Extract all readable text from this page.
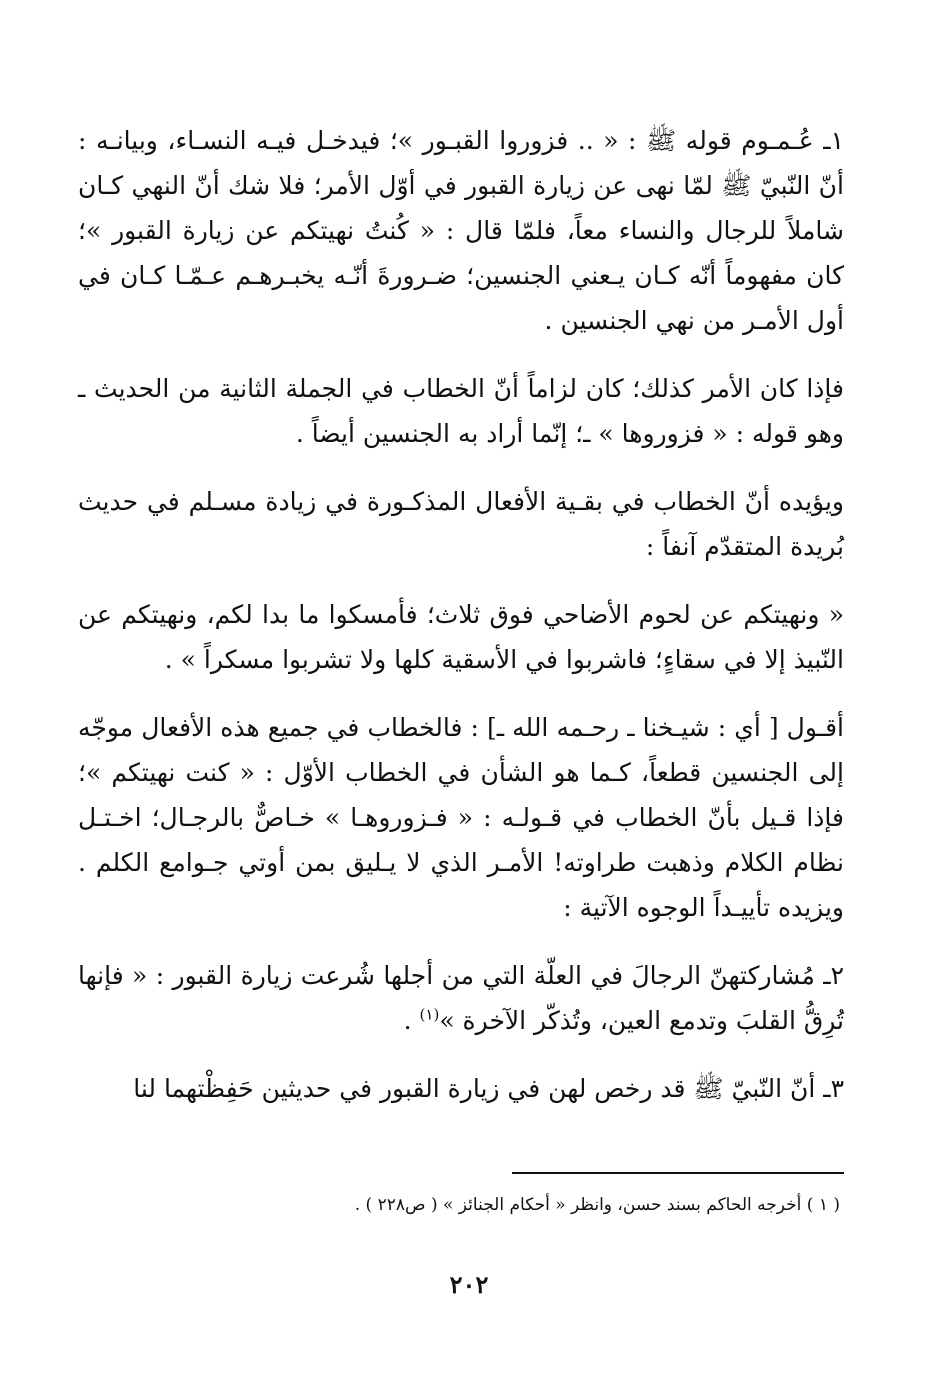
١ـ عُـمـوم قوله ﷺ : « .. فزوروا القبـور »؛ فيدخـل فيـه النسـاء، وبيانـه : أنّ النّبيّ ﷺ لمّا نهى عن زيارة القبور في أوّل الأمر؛ فلا شك أنّ النهي كـان شاملاً للرجال والنساء معاً، فلمّا قال : « كُنتُ نهيتكم عن زيارة القبور »؛ كان مفهوماً أنّه كـان يـعني الجنسين؛ ضـرورةَ أنّـه يخبـرهـم عـمّـا كـان في أول الأمـر من نهي الجنسين .

فإذا كان الأمر كذلك؛ كان لزاماً أنّ الخطاب في الجملة الثانية من الحديث ـ وهو قوله : « فزوروها » ـ؛ إنّما أراد به الجنسين أيضاً .

ويؤيده أنّ الخطاب في بقـية الأفعال المذكـورة في زيادة مسـلم في حديث بُريدة المتقدّم آنفاً :

« ونهيتكم عن لحوم الأضاحي فوق ثلاث؛ فأمسكوا ما بدا لكم، ونهيتكم عن النّبيذ إلا في سقاءٍ؛ فاشربوا في الأسقية كلها ولا تشربوا مسكراً » .

أقـول [ أي : شيـخنا ـ رحـمه الله ـ] : فالخطاب في جميع هذه الأفعال موجّه إلى الجنسين قطعاً، كـما هو الشأن في الخطاب الأوّل : « كنت نهيتكم »؛ فإذا قـيل بأنّ الخطاب في قـولـه : « فـزوروهـا » خـاصٌّ بالرجـال؛ اخـتـل نظام الكلام وذهبت طراوته! الأمـر الذي لا يـليق بمن أوتي جـوامع الكلم . ويزيده تأييـداً الوجوه الآتية :

٢ـ مُشاركتهنّ الرجالَ في العلّة التي من أجلها شُرعت زيارة القبور : « فإنها تُرِقُّ القلبَ وتدمع العين، وتُذكّر الآخرة »$^{(١)}$ .

٣ـ أنّ النّبيّ ﷺ قد رخص لهن في زيارة القبور في حديثين حَفِظْتهما لنا

( ١ ) أخرجه الحاكم بسند حسن، وانظر « أحكام الجنائز » ( ص٢٢٨ ) .
٢٠٢
